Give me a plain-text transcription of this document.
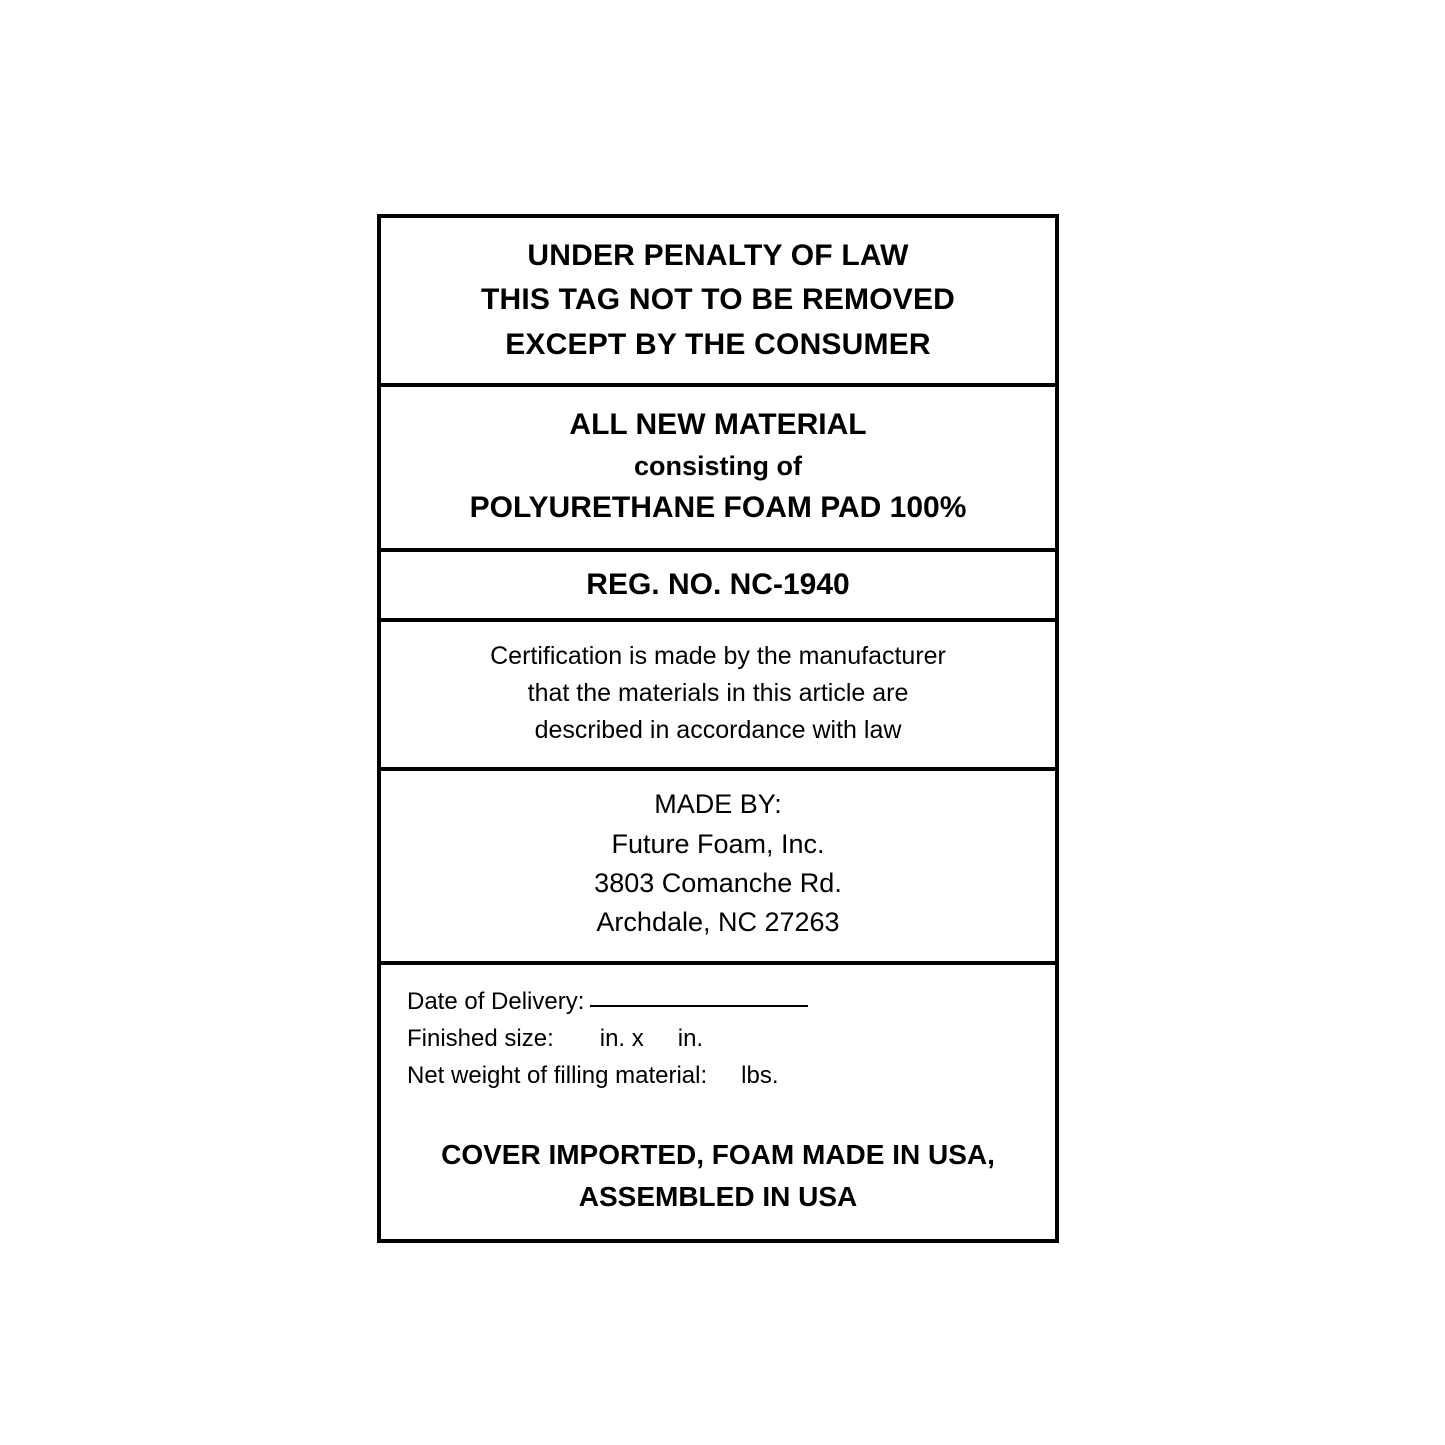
UNDER PENALTY OF LAW
THIS TAG NOT TO BE REMOVED
EXCEPT BY THE CONSUMER
ALL NEW MATERIAL
consisting of
POLYURETHANE FOAM PAD 100%
REG. NO. NC-1940
Certification is made by the manufacturer
that the materials in this article are
described in accordance with law
MADE BY:
Future Foam, Inc.
3803 Comanche Rd.
Archdale, NC 27263
Date of Delivery:
Finished size: in. x in.
Net weight of filling material: lbs.
COVER IMPORTED, FOAM MADE IN USA,
ASSEMBLED IN USA
